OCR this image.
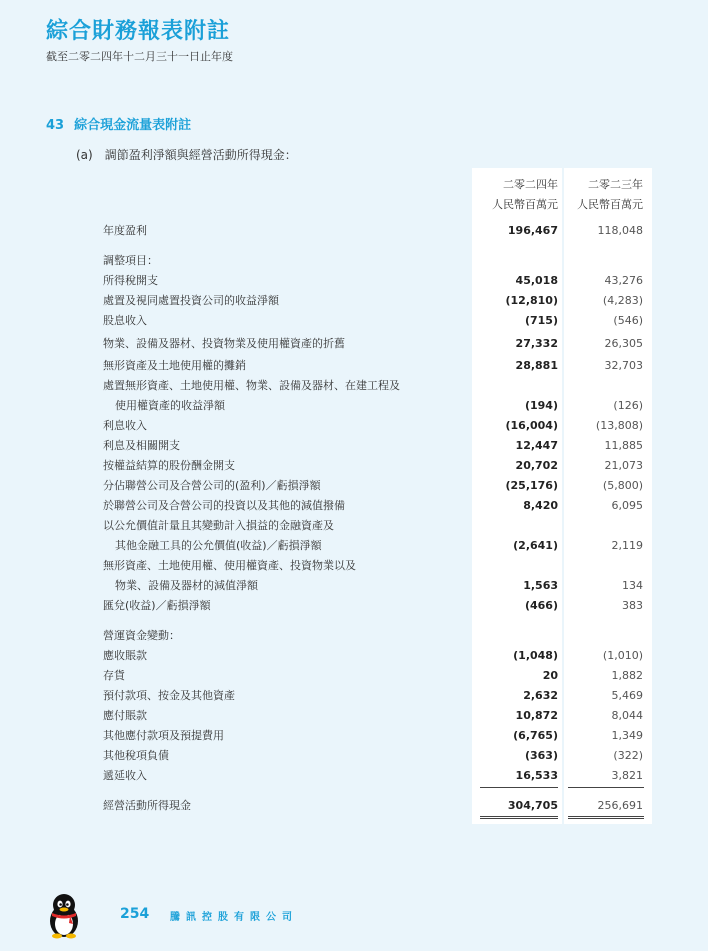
綜合財務報表附註
截至二零二四年十二月三十一日止年度
43 綜合現金流量表附註
(a) 調節盈利淨額與經營活動所得現金：
二零二四年
人民幣百萬元
二零二三年
人民幣百萬元
年度盈利	196,467	118,048
調整項目：
所得稅開支	45,018	43,276
處置及視同處置投資公司的收益淨額	(12,810)	(4,283)
股息收入	(715)	(546)
物業、設備及器材、投資物業及使用權資產的折舊	27,332	26,305
無形資產及土地使用權的攤銷	28,881	32,703
處置無形資產、土地使用權、物業、設備及器材、在建工程及
使用權資產的收益淨額	(194)	(126)
利息收入	(16,004)	(13,808)
利息及相關開支	12,447	11,885
按權益結算的股份酬金開支	20,702	21,073
分佔聯營公司及合營公司的(盈利)／虧損淨額	(25,176)	(5,800)
於聯營公司及合營公司的投資以及其他的減值撥備	8,420	6,095
以公允價值計量且其變動計入損益的金融資產及
其他金融工具的公允價值(收益)／虧損淨額	(2,641)	2,119
無形資產、土地使用權、使用權資產、投資物業以及
物業、設備及器材的減值淨額	1,563	134
匯兌(收益)／虧損淨額	(466)	383
營運資金變動：
應收賬款	(1,048)	(1,010)
存貨	20	1,882
預付款項、按金及其他資產	2,632	5,469
應付賬款	10,872	8,044
其他應付款項及預提費用	(6,765)	1,349
其他稅項負債	(363)	(322)
遞延收入	16,533	3,821
經營活動所得現金	304,705	256,691
254 騰訊控股有限公司
